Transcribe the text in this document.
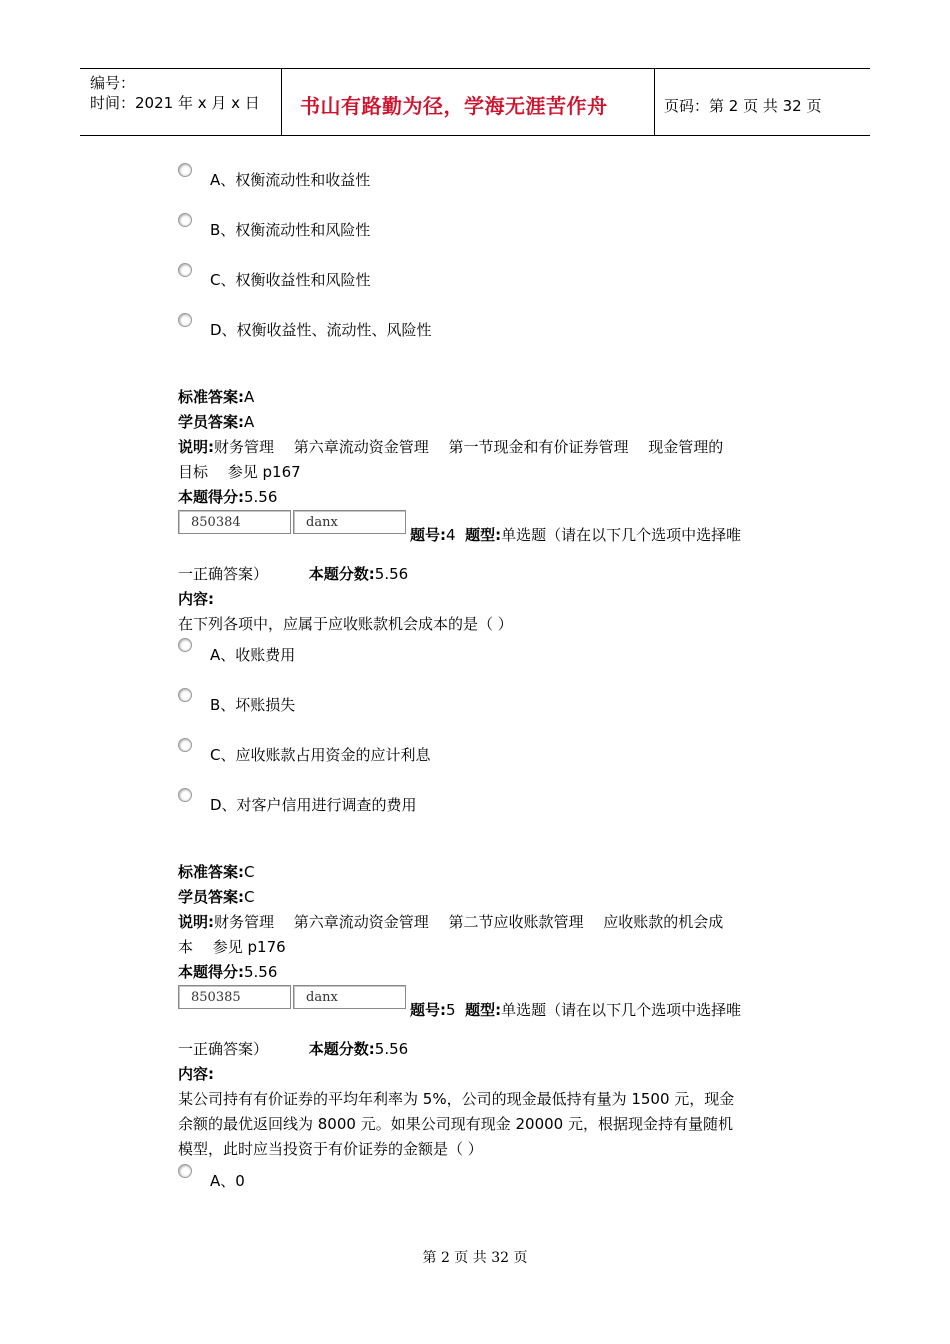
编号：
时间：2021 年 x 月 x 日 书山有路勤为径，学海无涯苦作舟	页码：第 2 页 共 32 页
A、权衡流动性和收益性
B、权衡流动性和风险性
C、权衡收益性和风险性
D、权衡收益性、流动性、风险性
标准答案:A
学员答案:A
说明:财务管理　 第六章流动资金管理　 第一节现金和有价证券管理　 现金管理的
目标　 参见 p167
本题得分:5.56
850384	danx
题号:4 题型:单选题（请在以下几个选项中选择唯
一正确答案）	本题分数:5.56
内容:
在下列各项中，应属于应收账款机会成本的是（ ）
A、收账费用
B、坏账损失
C、应收账款占用资金的应计利息
D、对客户信用进行调查的费用
标准答案:C
学员答案:C
说明:财务管理　 第六章流动资金管理　 第二节应收账款管理　 应收账款的机会成
本　 参见 p176
本题得分:5.56
850385	danx
题号:5 题型:单选题（请在以下几个选项中选择唯
一正确答案）	本题分数:5.56
内容:
某公司持有有价证券的平均年利率为 5%，公司的现金最低持有量为 1500 元，现金
余额的最优返回线为 8000 元。如果公司现有现金 20000 元，根据现金持有量随机
模型，此时应当投资于有价证券的金额是（ ）
A、0
第 2 页 共 32 页
